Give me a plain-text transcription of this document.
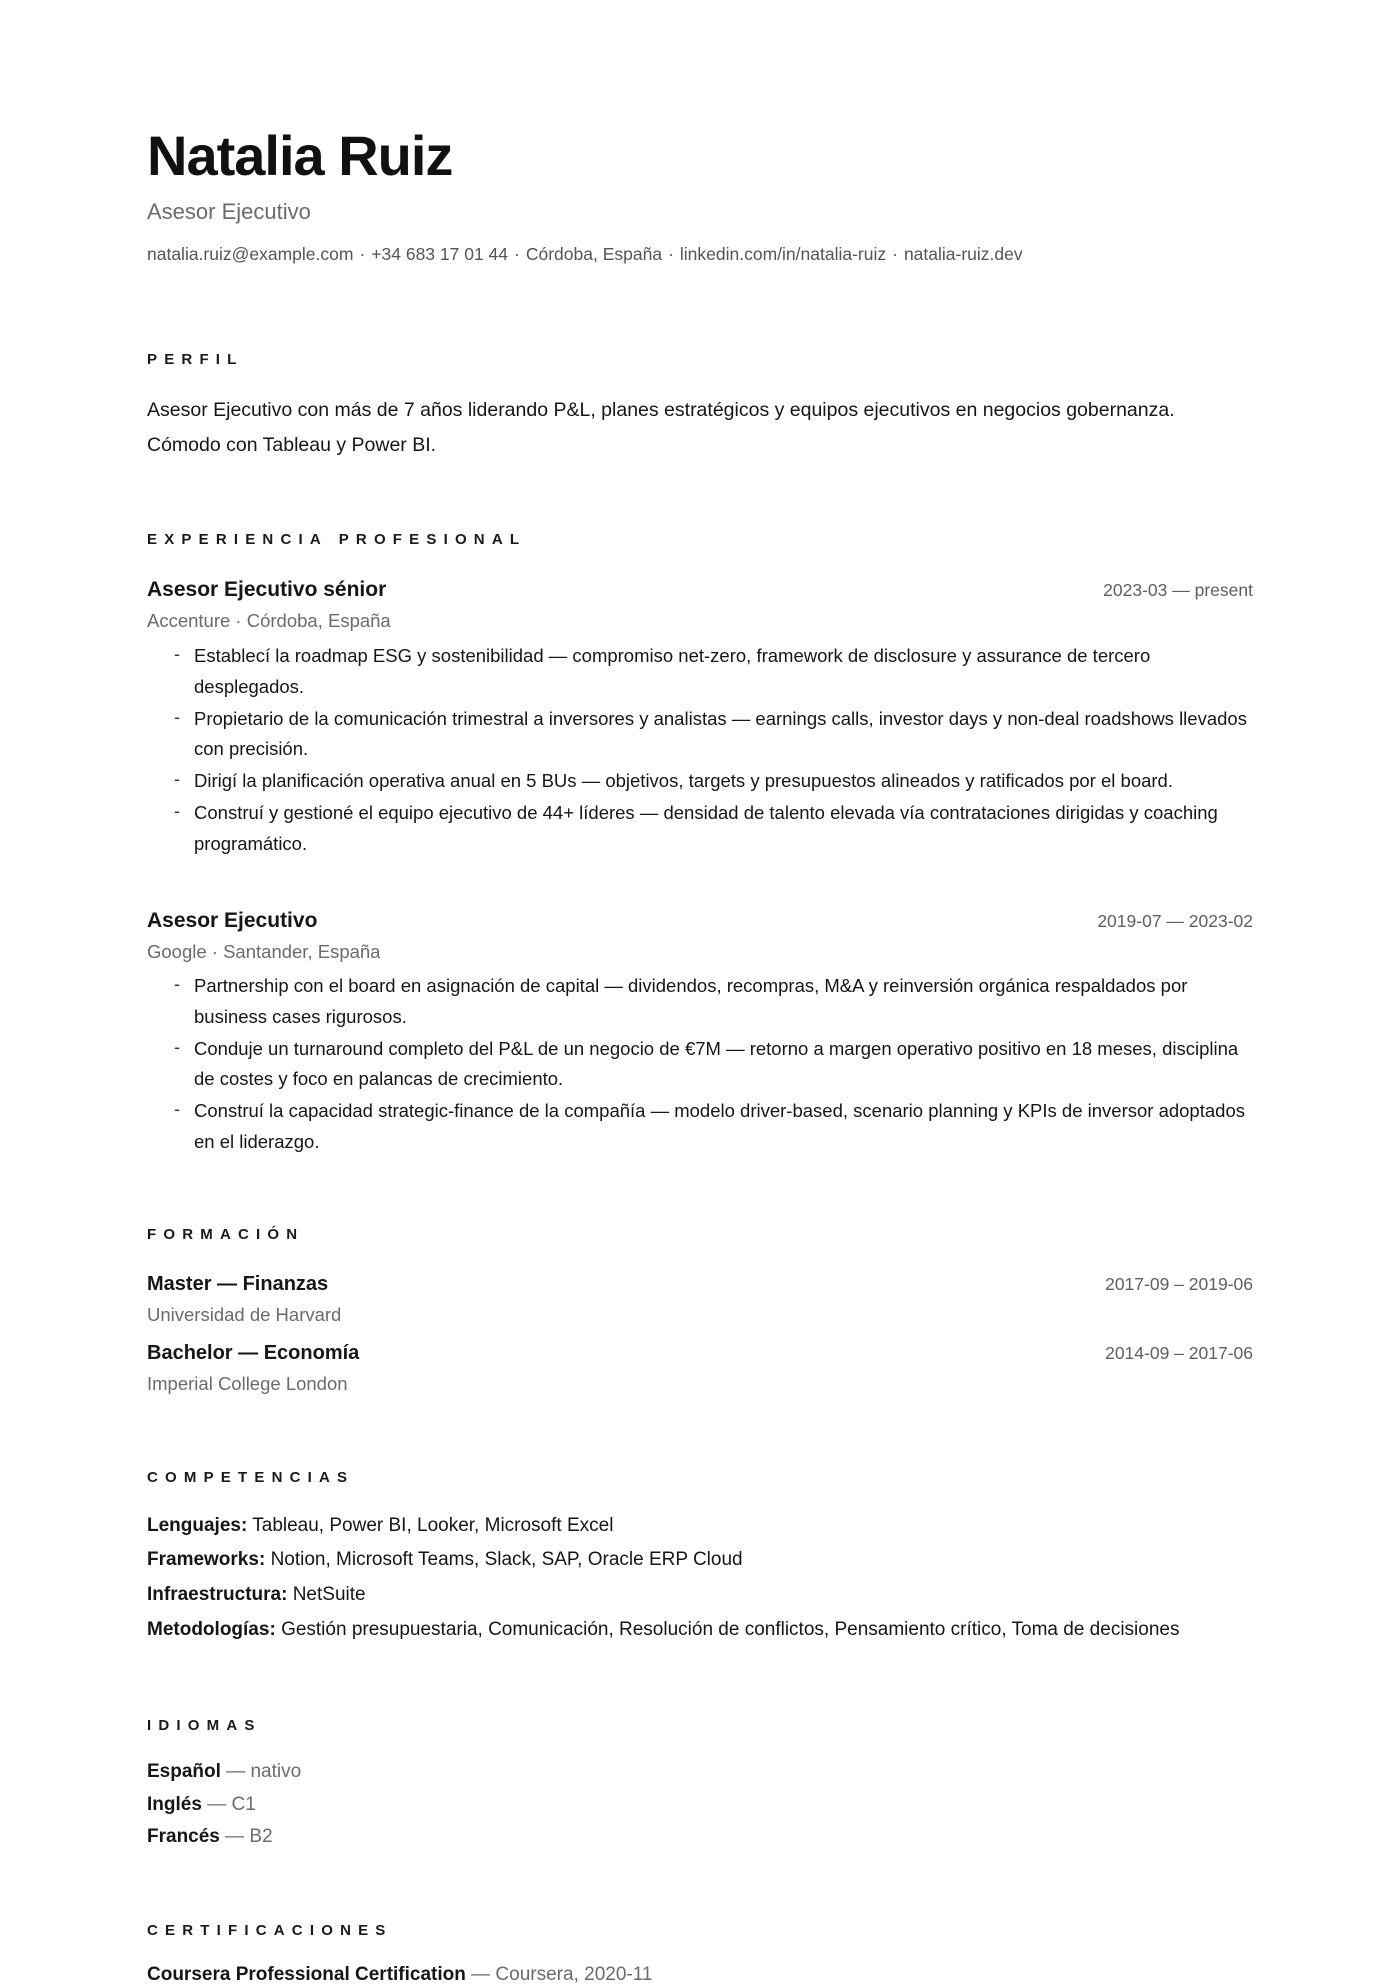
Natalia Ruiz
Asesor Ejecutivo
natalia.ruiz@example.com · +34 683 17 01 44 · Córdoba, España · linkedin.com/in/natalia-ruiz · natalia-ruiz.dev
PERFIL

Asesor Ejecutivo con más de 7 años liderando P&L, planes estratégicos y equipos ejecutivos en negocios gobernanza. Cómodo con Tableau y Power BI.

EXPERIENCIA PROFESIONAL
Asesor Ejecutivo sénior	2023-03 — present
Accenture · Córdoba, España
- Establecí la roadmap ESG y sostenibilidad — compromiso net-zero, framework de disclosure y assurance de tercero desplegados.
- Propietario de la comunicación trimestral a inversores y analistas — earnings calls, investor days y non-deal roadshows llevados con precisión.
- Dirigí la planificación operativa anual en 5 BUs — objetivos, targets y presupuestos alineados y ratificados por el board.
- Construí y gestioné el equipo ejecutivo de 44+ líderes — densidad de talento elevada vía contrataciones dirigidas y coaching programático.
Asesor Ejecutivo	2019-07 — 2023-02
Google · Santander, España
- Partnership con el board en asignación de capital — dividendos, recompras, M&A y reinversión orgánica respaldados por business cases rigurosos.
- Conduje un turnaround completo del P&L de un negocio de €7M — retorno a margen operativo positivo en 18 meses, disciplina de costes y foco en palancas de crecimiento.
- Construí la capacidad strategic-finance de la compañía — modelo driver-based, scenario planning y KPIs de inversor adoptados en el liderazgo.
FORMACIÓN
Master — Finanzas	2017-09 – 2019-06
Universidad de Harvard
Bachelor — Economía	2014-09 – 2017-06
Imperial College London
COMPETENCIAS
Lenguajes: Tableau, Power BI, Looker, Microsoft Excel
Frameworks: Notion, Microsoft Teams, Slack, SAP, Oracle ERP Cloud
Infraestructura: NetSuite
Metodologías: Gestión presupuestaria, Comunicación, Resolución de conflictos, Pensamiento crítico, Toma de decisiones
IDIOMAS
Español — nativo
Inglés — C1
Francés — B2
CERTIFICACIONES
Coursera Professional Certification — Coursera, 2020-11
